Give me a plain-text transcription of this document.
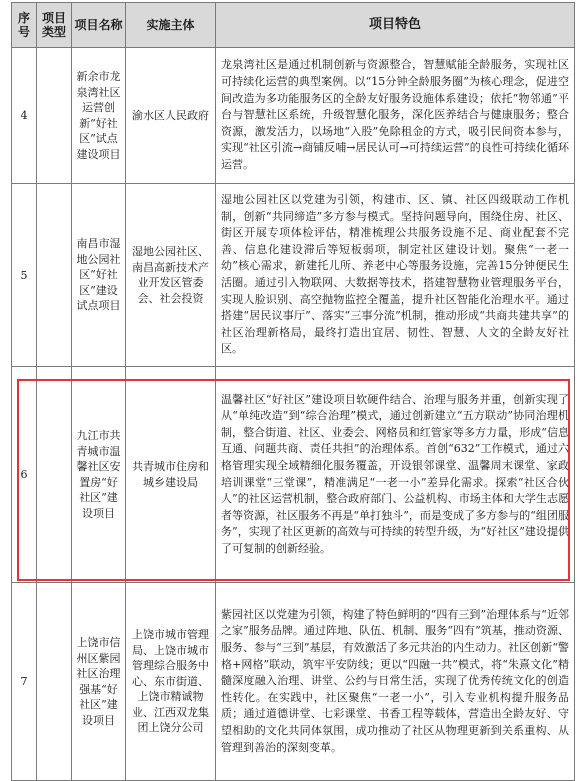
序号	项目类型	项目名称	实施主体	项目特色
4		新余市龙泉湾社区运营创新“好社区”试点建设项目	渝水区人民政府	龙泉湾社区是通过机制创新与资源整合，智慧赋能全龄服务，实现社区可持续化运营的典型案例。以“15分钟全龄服务圈”为核心理念，促进空间改造为多功能服务区的全龄友好服务设施体系建设；依托“物邻通”平台与智慧社区系统，升级智慧化服务，深化医养结合与健康服务；整合资源，激发活力，以场地“入股”免除租金的方式，吸引民间资本参与，实现“社区引流→商铺反哺→居民认可→可持续运营”的良性可持续化循环运营。
5		南昌市湿地公园社区“好社区”建设试点项目	湿地公园社区、南昌高新技术产业开发区管委会、社会投资	湿地公园社区以党建为引领，构建市、区、镇、社区四级联动工作机制，创新“共同缔造”多方参与模式。坚持问题导向，围绕住房、社区、街区开展专项体检评估，精准梳理公共服务设施不足、商业配套不完善、信息化建设滞后等短板弱项，制定社区建设计划。聚焦“一老一幼”核心需求，新建托儿所、养老中心等服务设施，完善15分钟便民生活圈。通过引入物联网、大数据等技术，搭建智慧物业管理服务平台，实现人脸识别、高空抛物监控全覆盖，提升社区智能化治理水平。通过搭建“居民议事厅”、落实“三事分流”机制，推动形成“共商共建共享”的社区治理新格局，最终打造出宜居、韧性、智慧、人文的全龄友好社区。
6		九江市共青城市温馨社区安置房“好社区”建设项目	共青城市住房和城乡建设局	温馨社区“好社区”建设项目软硬件结合、治理与服务并重，创新实现了从“单纯改造”到“综合治理”模式，通过创新建立“五方联动”协同治理机制，整合街道、社区、业委会、网格员和红管家等多方力量，形成“信息互通、问题共商、责任共担”的治理体系。首创“632”工作模式，通过六格管理实现全域精细化服务覆盖，开设银邻课堂、温馨周末课堂、家政培训课堂“三堂课”，精准满足“一老一小”差异化需求。探索“社区合伙人”的社区运营机制，整合政府部门、公益机构、市场主体和大学生志愿者等资源，社区服务不再是“单打独斗”，而是变成了多方参与的“组团服务”，实现了社区更新的高效与可持续的转型升级，为“好社区”建设提供了可复制的创新经验。
7		上饶市信州区紫园社区治理强基“好社区”建设项目	上饶市城市管理局、上饶市城市管理综合服务中心、东市街道、上饶市精诚物业、江西双龙集团上饶分公司	紫园社区以党建为引领，构建了特色鲜明的“四有三到”治理体系与“近邻之家”服务品牌。通过阵地、队伍、机制、服务“四有”筑基，推动资源、服务、参与“三到”基层，有效激活了多元共治的内生动力。社区创新“警格+网格”联动，筑牢平安防线；更以“四融一共”模式，将“朱熹文化”精髓深度融入治理、讲堂、公约与日常生活，实现了优秀传统文化的创造性转化。在实践中，社区聚焦“一老一小”，引入专业机构提升服务品质；通过道德讲堂、七彩课堂、书香工程等载体，营造出全龄友好、守望相助的文化共同体氛围，成功推动了社区从物理更新到关系重构、从管理到善治的深刻变革。
